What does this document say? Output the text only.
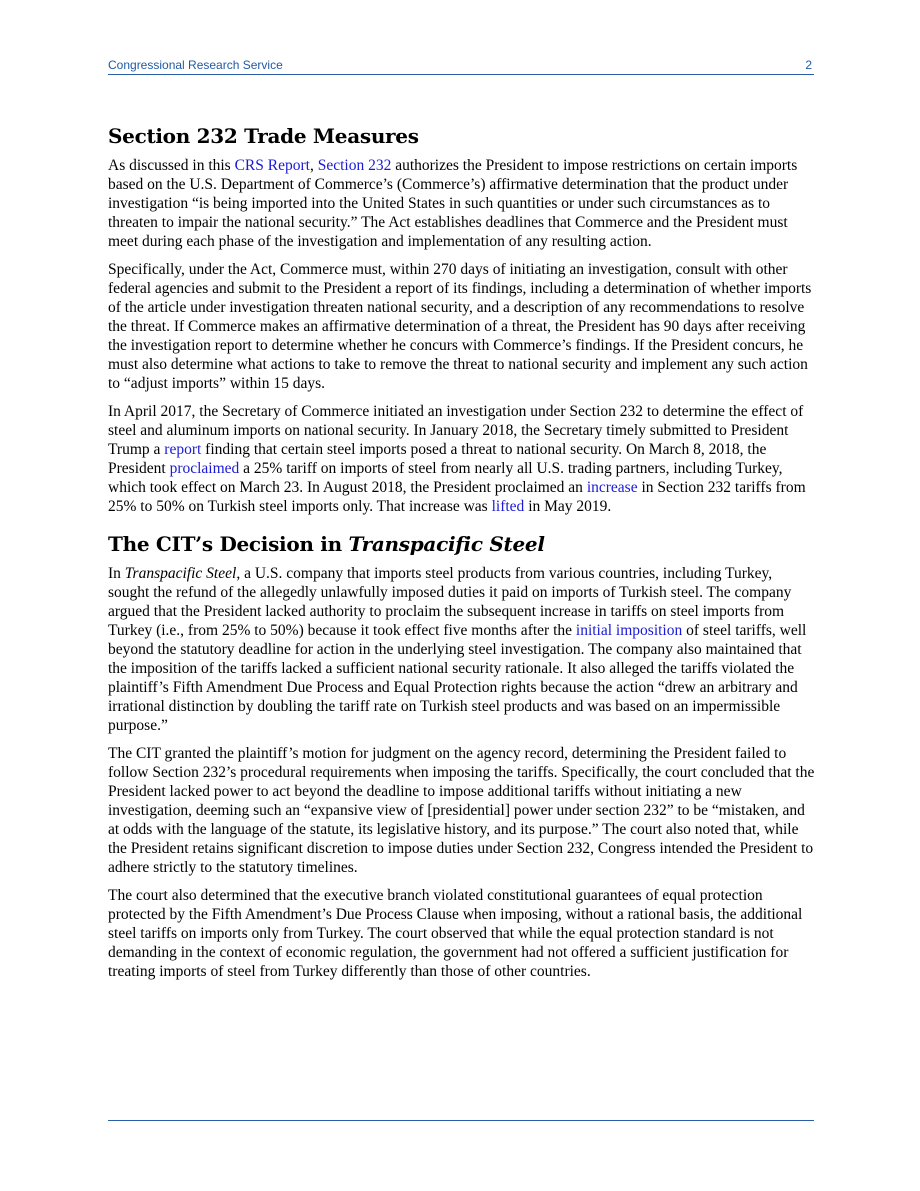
Congressional Research Service	2
Section 232 Trade Measures

As discussed in this CRS Report, Section 232 authorizes the President to impose restrictions on certain imports based on the U.S. Department of Commerce’s (Commerce’s) affirmative determination that the product under investigation “is being imported into the United States in such quantities or under such circumstances as to threaten to impair the national security.” The Act establishes deadlines that Commerce and the President must meet during each phase of the investigation and implementation of any resulting action.

Specifically, under the Act, Commerce must, within 270 days of initiating an investigation, consult with other federal agencies and submit to the President a report of its findings, including a determination of whether imports of the article under investigation threaten national security, and a description of any recommendations to resolve the threat. If Commerce makes an affirmative determination of a threat, the President has 90 days after receiving the investigation report to determine whether he concurs with Commerce’s findings. If the President concurs, he must also determine what actions to take to remove the threat to national security and implement any such action to “adjust imports” within 15 days.

In April 2017, the Secretary of Commerce initiated an investigation under Section 232 to determine the effect of steel and aluminum imports on national security. In January 2018, the Secretary timely submitted to President Trump a report finding that certain steel imports posed a threat to national security. On March 8, 2018, the President proclaimed a 25% tariff on imports of steel from nearly all U.S. trading partners, including Turkey, which took effect on March 23. In August 2018, the President proclaimed an increase in Section 232 tariffs from 25% to 50% on Turkish steel imports only. That increase was lifted in May 2019.

The CIT’s Decision in Transpacific Steel

In Transpacific Steel, a U.S. company that imports steel products from various countries, including Turkey, sought the refund of the allegedly unlawfully imposed duties it paid on imports of Turkish steel. The company argued that the President lacked authority to proclaim the subsequent increase in tariffs on steel imports from Turkey (i.e., from 25% to 50%) because it took effect five months after the initial imposition of steel tariffs, well beyond the statutory deadline for action in the underlying steel investigation. The company also maintained that the imposition of the tariffs lacked a sufficient national security rationale. It also alleged the tariffs violated the plaintiff’s Fifth Amendment Due Process and Equal Protection rights because the action “drew an arbitrary and irrational distinction by doubling the tariff rate on Turkish steel products and was based on an impermissible purpose.”

The CIT granted the plaintiff’s motion for judgment on the agency record, determining the President failed to follow Section 232’s procedural requirements when imposing the tariffs. Specifically, the court concluded that the President lacked power to act beyond the deadline to impose additional tariffs without initiating a new investigation, deeming such an “expansive view of [presidential] power under section 232” to be “mistaken, and at odds with the language of the statute, its legislative history, and its purpose.” The court also noted that, while the President retains significant discretion to impose duties under Section 232, Congress intended the President to adhere strictly to the statutory timelines.

The court also determined that the executive branch violated constitutional guarantees of equal protection protected by the Fifth Amendment’s Due Process Clause when imposing, without a rational basis, the additional steel tariffs on imports only from Turkey. The court observed that while the equal protection standard is not demanding in the context of economic regulation, the government had not offered a sufficient justification for treating imports of steel from Turkey differently than those of other countries.
